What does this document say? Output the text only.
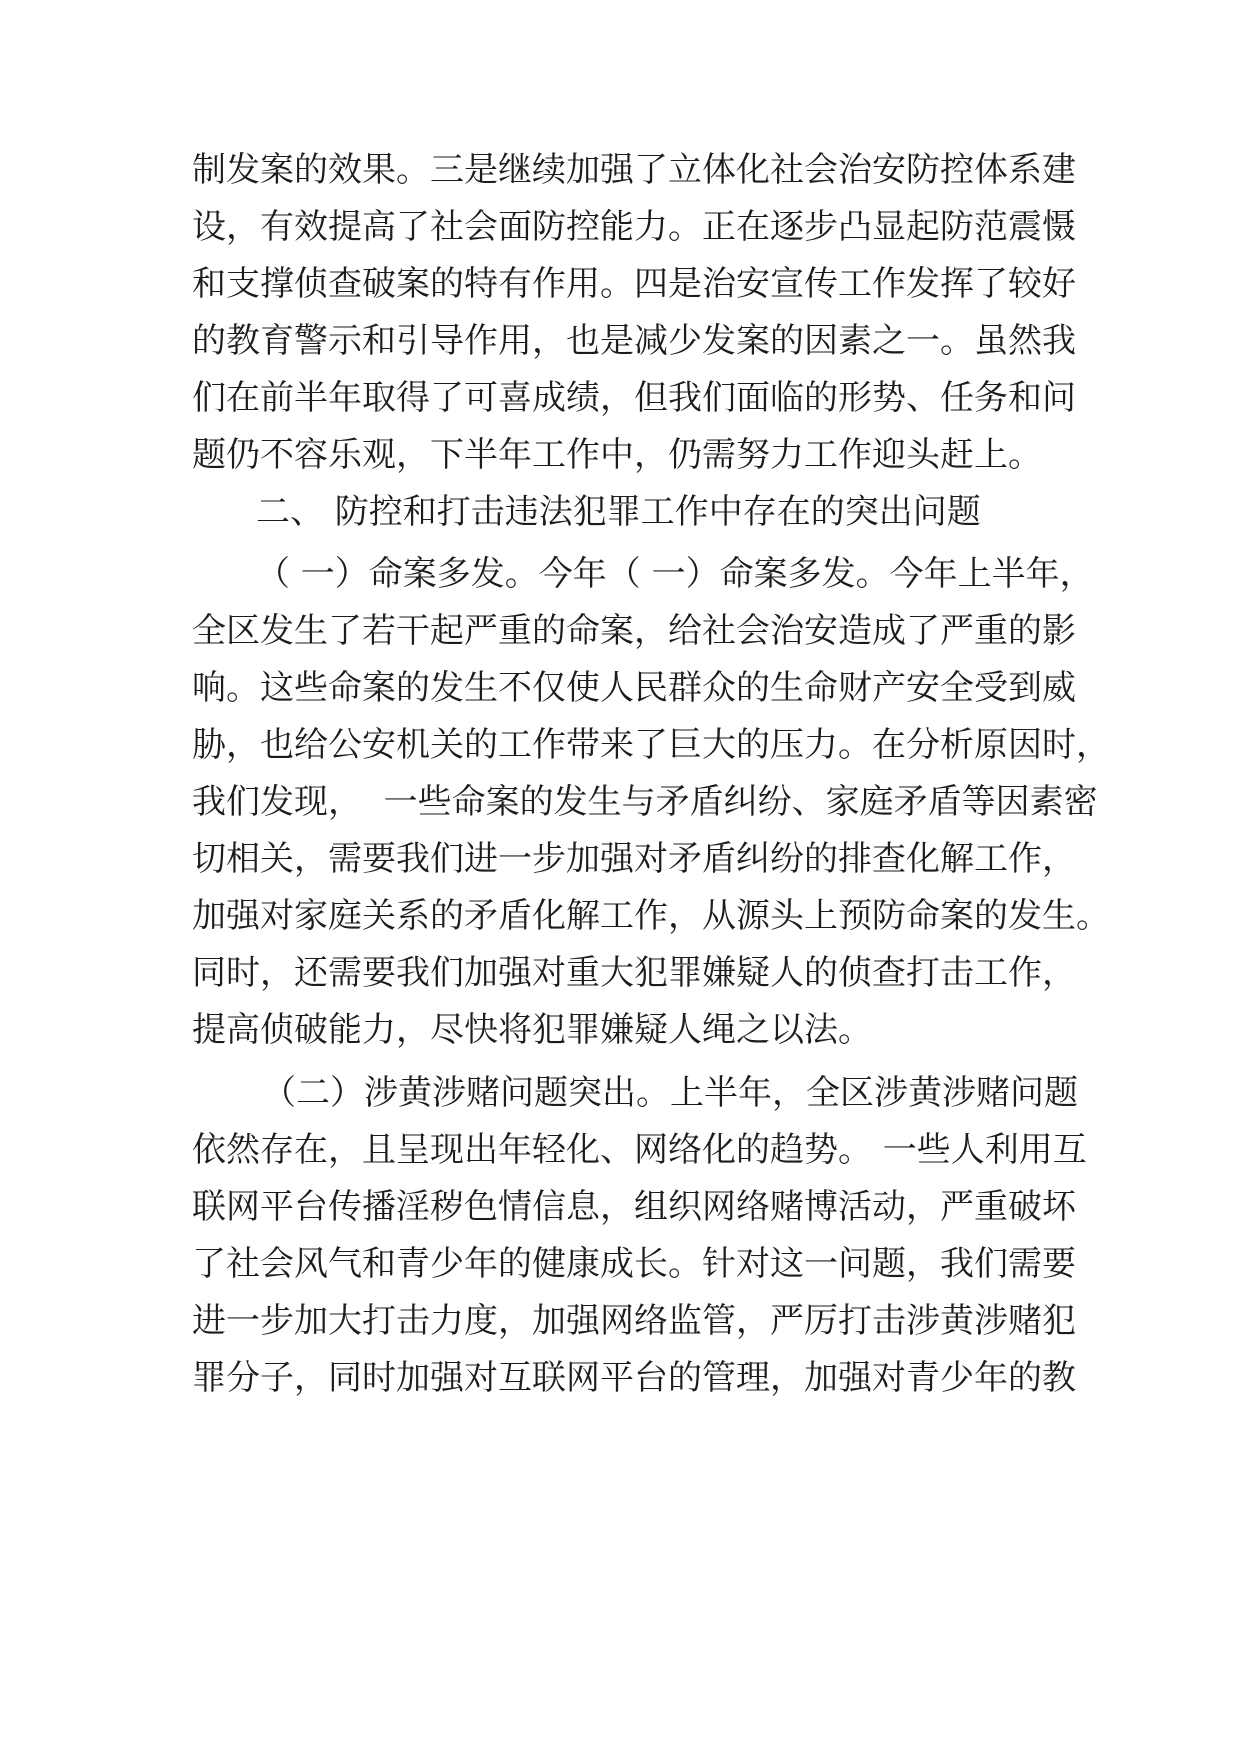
制发案的效果。三是继续加强了立体化社会治安防控体系建

设，有效提高了社会面防控能力。正在逐步凸显起防范震慑

和支撑侦查破案的特有作用。四是治安宣传工作发挥了较好

的教育警示和引导作用，也是减少发案的因素之一。虽然我

们在前半年取得了可喜成绩，但我们面临的形势、任务和问

题仍不容乐观，下半年工作中，仍需努力工作迎头赶上。

二、 防控和打击违法犯罪工作中存在的突出问题

（ 一）命案多发。今年（ 一）命案多发。今年上半年，

全区发生了若干起严重的命案，给社会治安造成了严重的影

响。这些命案的发生不仅使人民群众的生命财产安全受到威

胁，也给公安机关的工作带来了巨大的压力。在分析原因时，

我们发现，  一些命案的发生与矛盾纠纷、家庭矛盾等因素密

切相关，需要我们进一步加强对矛盾纠纷的排查化解工作，

加强对家庭关系的矛盾化解工作，从源头上预防命案的发生。

同时，还需要我们加强对重大犯罪嫌疑人的侦查打击工作，

提高侦破能力，尽快将犯罪嫌疑人绳之以法。

（二）涉黄涉赌问题突出。上半年，全区涉黄涉赌问题

依然存在，且呈现出年轻化、网络化的趋势。 一些人利用互

联网平台传播淫秽色情信息，组织网络赌博活动，严重破坏

了社会风气和青少年的健康成长。针对这一问题，我们需要

进一步加大打击力度，加强网络监管，严厉打击涉黄涉赌犯

罪分子，同时加强对互联网平台的管理，加强对青少年的教
